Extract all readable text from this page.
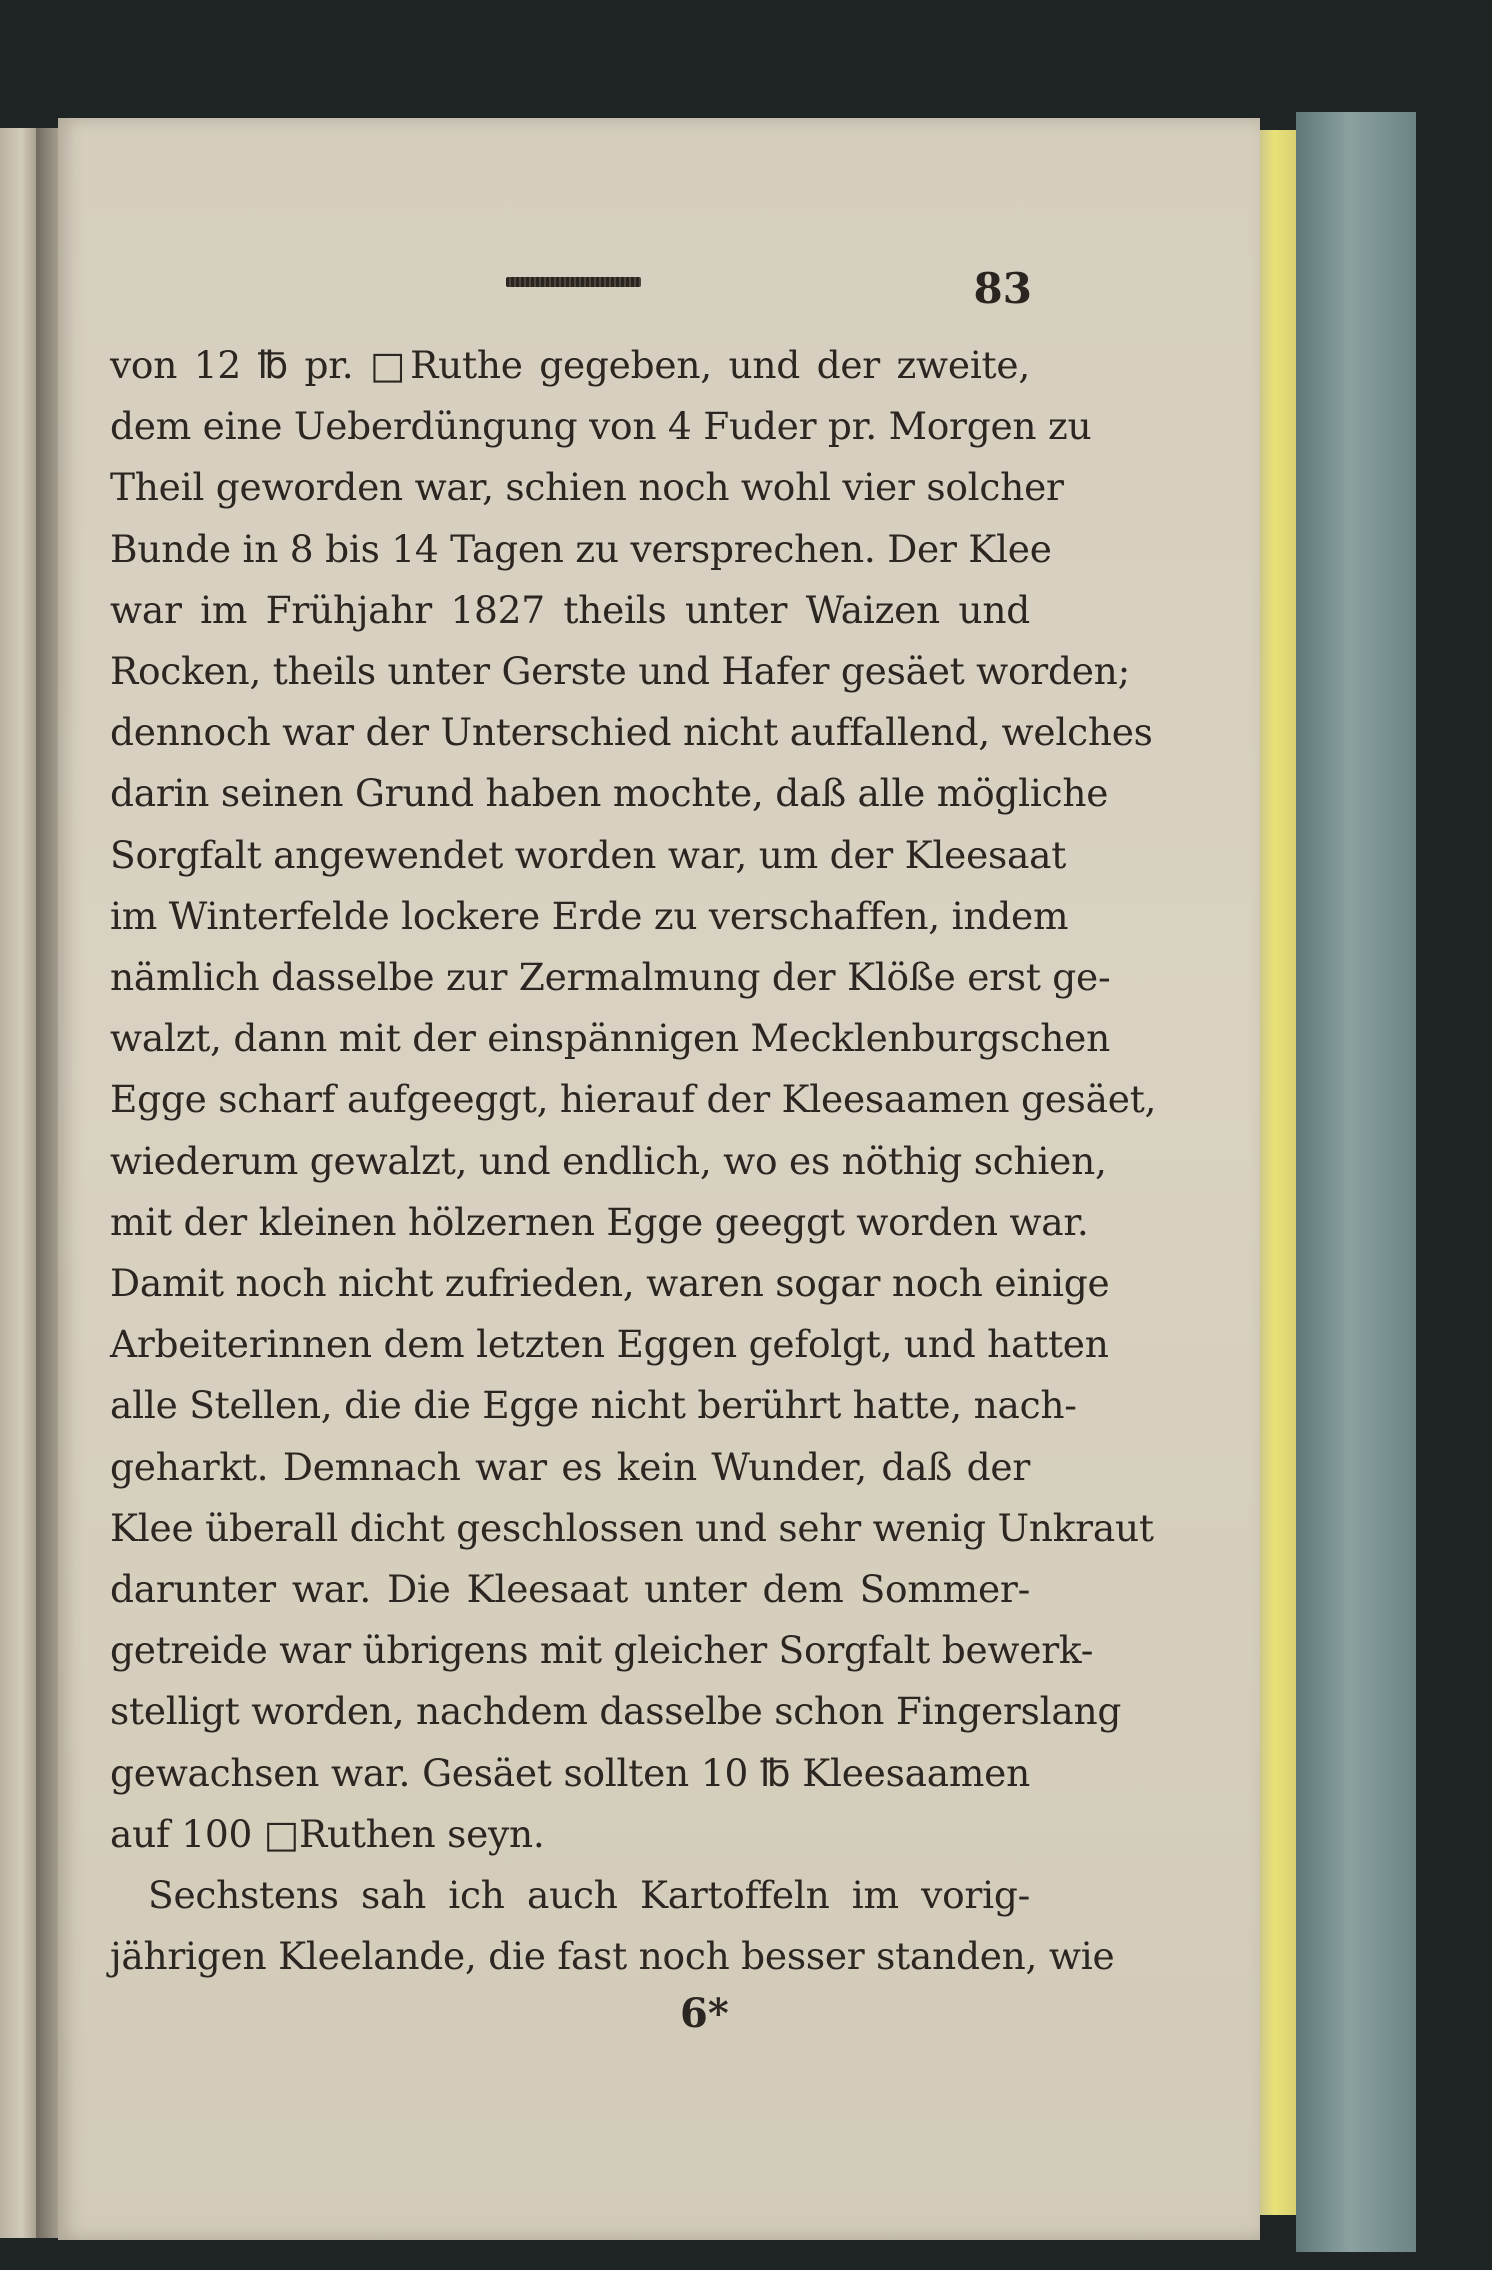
83
von 12 ℔ pr. □Ruthe gegeben, und der zweite,
dem eine Ueberdüngung von 4 Fuder pr. Morgen zu
Theil geworden war, schien noch wohl vier solcher
Bunde in 8 bis 14 Tagen zu versprechen. Der Klee
war im Frühjahr 1827 theils unter Waizen und
Rocken, theils unter Gerste und Hafer gesäet worden;
dennoch war der Unterschied nicht auffallend, welches
darin seinen Grund haben mochte, daß alle mögliche
Sorgfalt angewendet worden war, um der Kleesaat
im Winterfelde lockere Erde zu verschaffen, indem
nämlich dasselbe zur Zermalmung der Klöße erst ge-
walzt, dann mit der einspännigen Mecklenburgschen
Egge scharf aufgeeggt, hierauf der Kleesaamen gesäet,
wiederum gewalzt, und endlich, wo es nöthig schien,
mit der kleinen hölzernen Egge geeggt worden war.
Damit noch nicht zufrieden, waren sogar noch einige
Arbeiterinnen dem letzten Eggen gefolgt, und hatten
alle Stellen, die die Egge nicht berührt hatte, nach-
geharkt. Demnach war es kein Wunder, daß der
Klee überall dicht geschlossen und sehr wenig Unkraut
darunter war. Die Kleesaat unter dem Sommer-
getreide war übrigens mit gleicher Sorgfalt bewerk-
stelligt worden, nachdem dasselbe schon Fingerslang
gewachsen war. Gesäet sollten 10 ℔ Kleesaamen
auf 100 □Ruthen seyn.
Sechstens sah ich auch Kartoffeln im vorig-
jährigen Kleelande, die fast noch besser standen, wie
6*
